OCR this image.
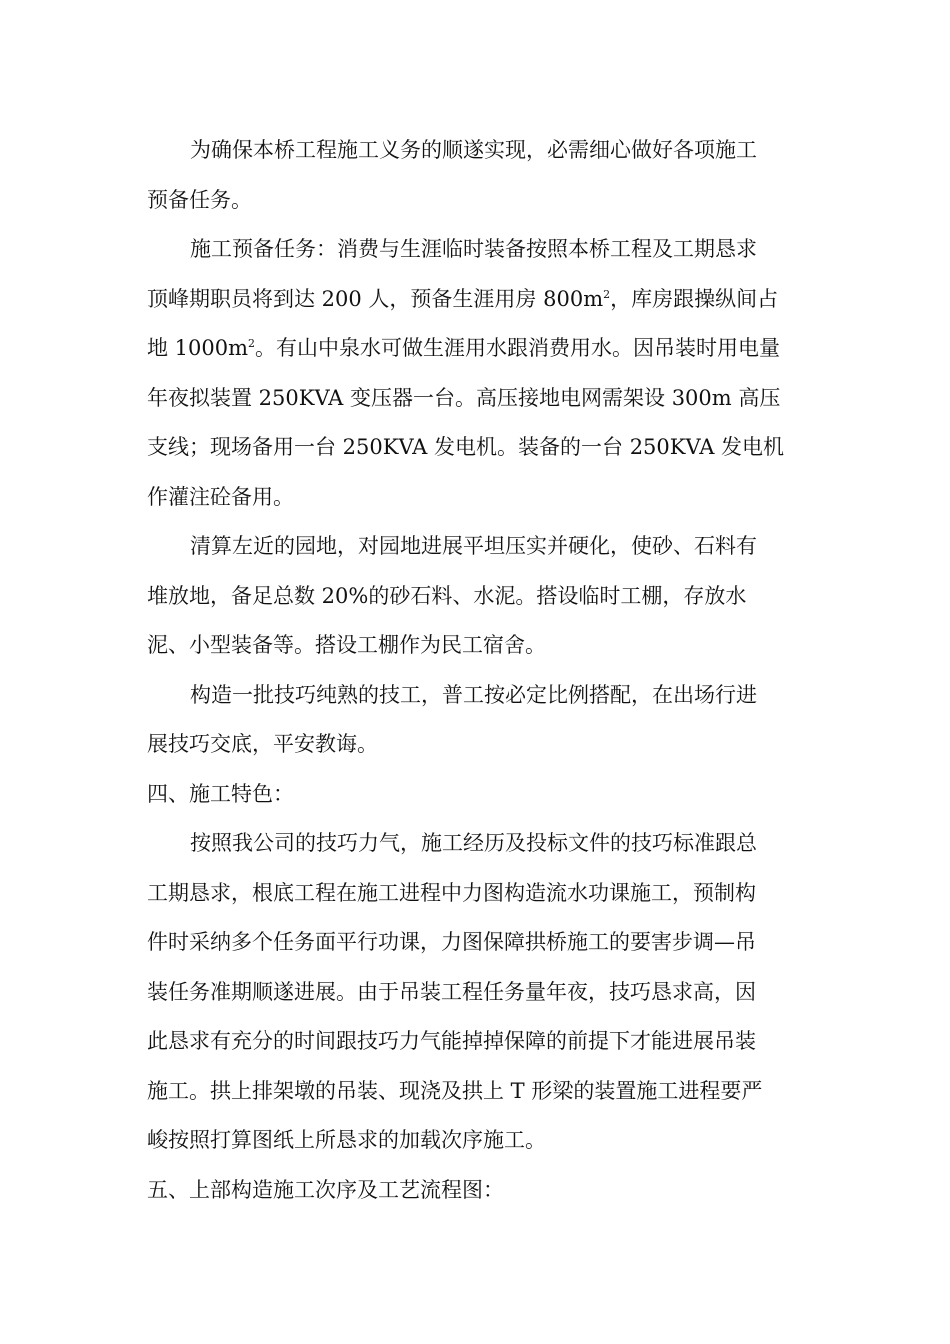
为确保本桥工程施工义务的顺遂实现，必需细心做好各项施工
预备任务。
施工预备任务：消费与生涯临时装备按照本桥工程及工期恳求
顶峰期职员将到达 200 人，预备生涯用房 $800m^2$，库房跟操纵间占
地 $1000m^2$。有山中泉水可做生涯用水跟消费用水。因吊装时用电量
年夜拟装置 250KVA 变压器一台。高压接地电网需架设 300m 高压
支线；现场备用一台 250KVA 发电机。装备的一台 250KVA 发电机
作灌注砼备用。
清算左近的园地，对园地进展平坦压实并硬化，使砂、石料有
堆放地，备足总数 20%的砂石料、水泥。搭设临时工棚，存放水
泥、小型装备等。搭设工棚作为民工宿舍。
构造一批技巧纯熟的技工，普工按必定比例搭配，在出场行进
展技巧交底，平安教诲。
四、施工特色：
按照我公司的技巧力气，施工经历及投标文件的技巧标准跟总
工期恳求，根底工程在施工进程中力图构造流水功课施工，预制构
件时采纳多个任务面平行功课，力图保障拱桥施工的要害步调—吊
装任务准期顺遂进展。由于吊装工程任务量年夜，技巧恳求高，因
此恳求有充分的时间跟技巧力气能掉掉保障的前提下才能进展吊装
施工。拱上排架墩的吊装、现浇及拱上 T 形梁的装置施工进程要严
峻按照打算图纸上所恳求的加载次序施工。
五、上部构造施工次序及工艺流程图：
